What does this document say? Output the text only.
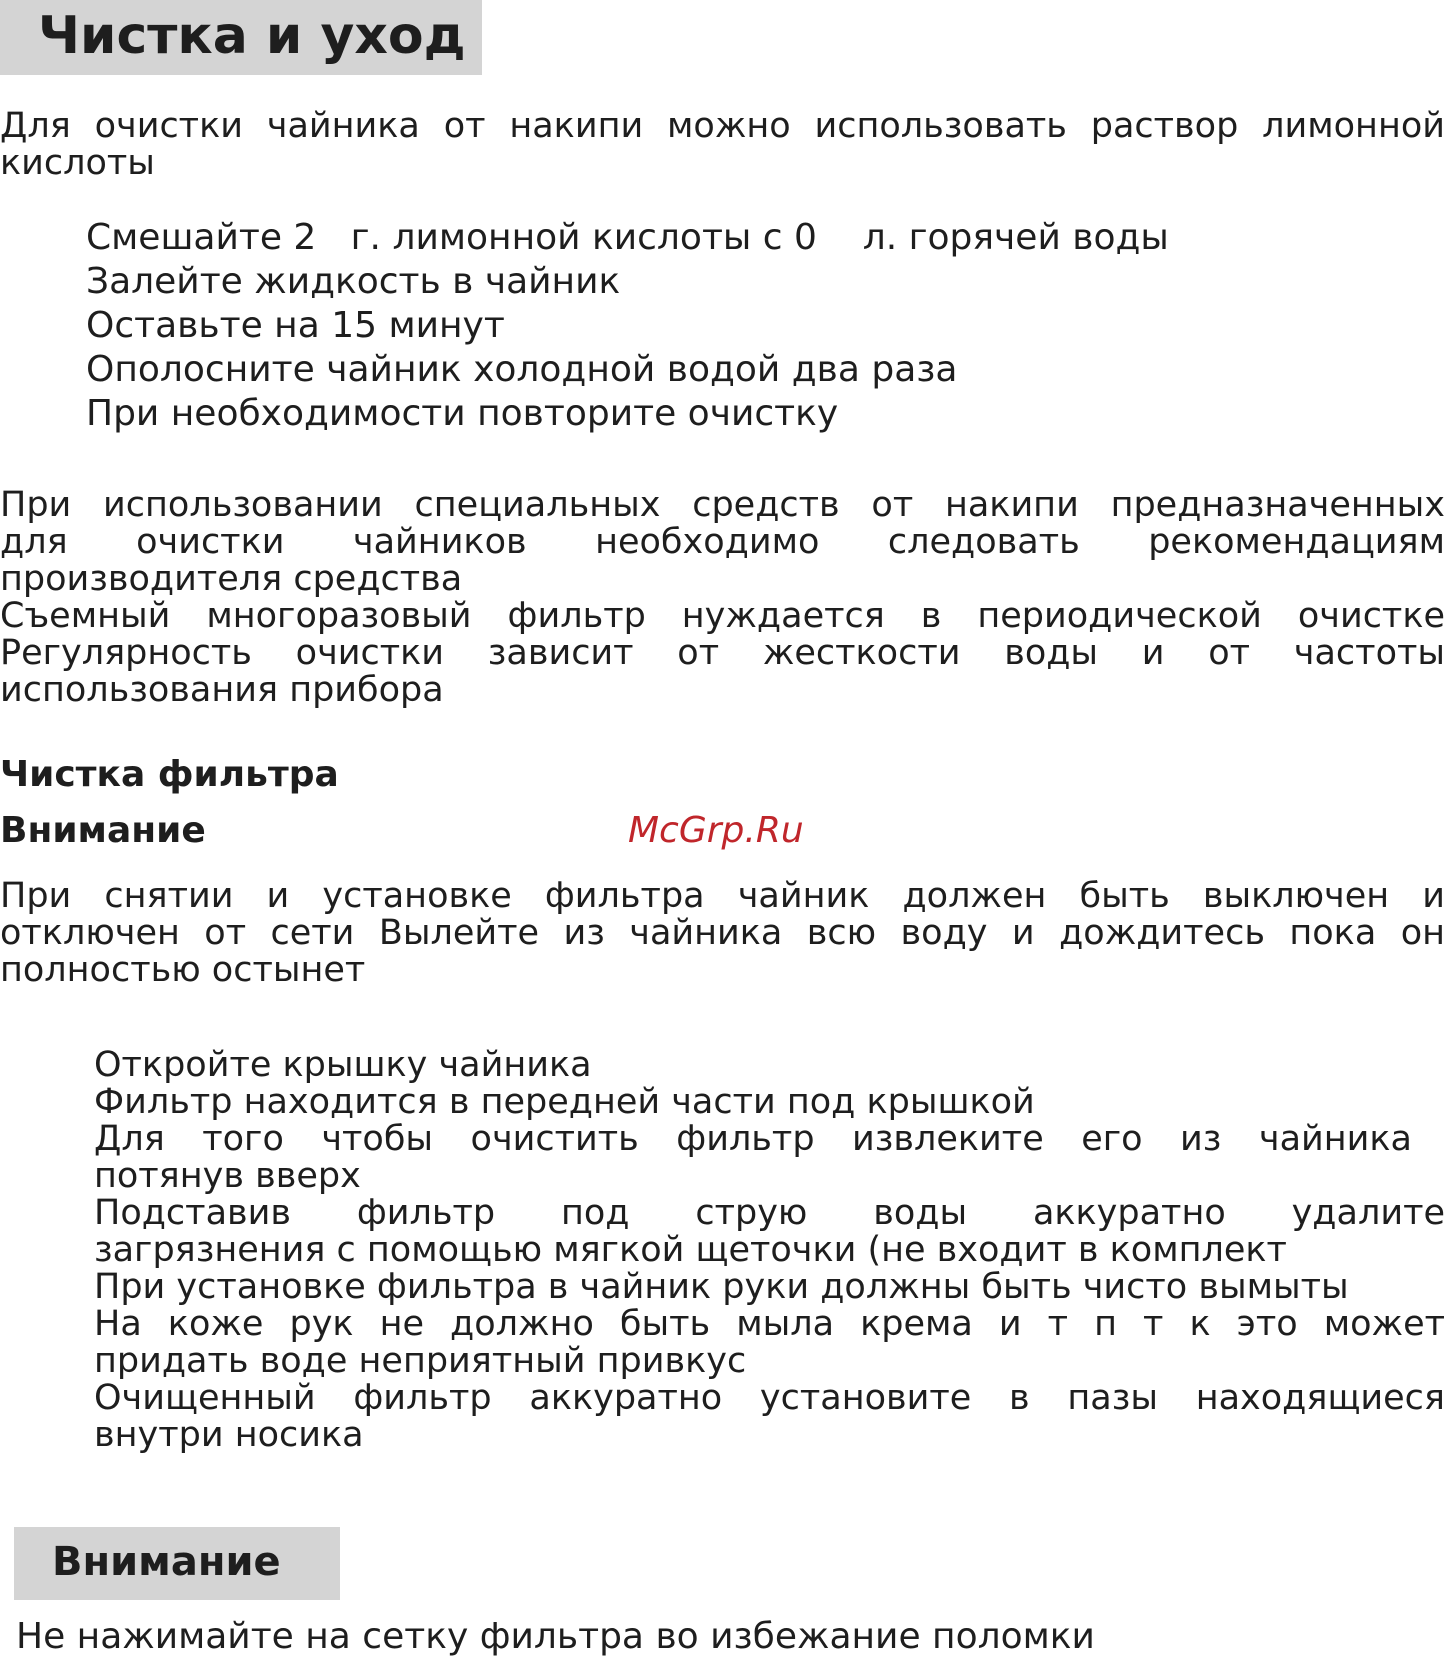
Чистка и уход
Для очистки чайника от накипи можно использовать раствор лимонной
кислоты
Смешайте 2   г. лимонной кислоты с 0    л. горячей воды
Залейте жидкость в чайник
Оставьте на 15 минут
Ополосните чайник холодной водой два раза
При необходимости повторите очистку
При использовании специальных средств от накипи предназначенных
для очистки чайников необходимо следовать рекомендациям
производителя средства
Съемный многоразовый фильтр нуждается в периодической очистке
Регулярность очистки зависит от жесткости воды и от частоты
использования прибора
Чистка фильтра
Внимание	McGrp.Ru
При снятии и установке фильтра чайник должен быть выключен и
отключен от сети Вылейте из чайника всю воду и дождитесь пока он
полностью остынет
Откройте крышку чайника
Фильтр находится в передней части под крышкой
Для того чтобы очистить фильтр извлеките его из чайника
потянув вверх
Подставив фильтр под струю воды аккуратно удалите
загрязнения с помощью мягкой щеточки (не входит в комплект
При установке фильтра в чайник руки должны быть чисто вымыты
На коже рук не должно быть мыла крема и т п т к это может
придать воде неприятный привкус
Очищенный фильтр аккуратно установите в пазы находящиеся
внутри носика
Внимание
Не нажимайте на сетку фильтра во избежание поломки
